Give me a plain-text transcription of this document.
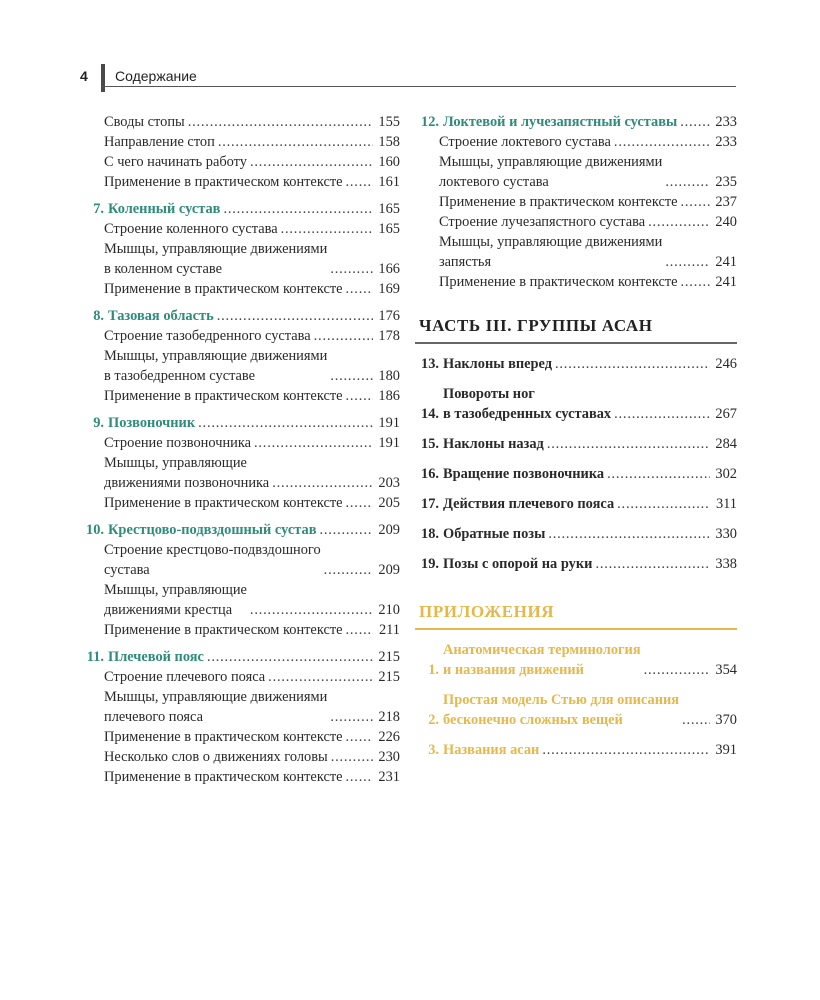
4 Содержание
Своды стопы . . .	155
Направление стоп . . .	158
С чего начинать работу . . .	160
Применение в практическом контексте . . . 161
7. Коленный сустав . . .	165
Строение коленного сустава . . .	165
Мышцы, управляющие движениями
в коленном суставе . . .	166
Применение в практическом контексте . . . 169
8. Тазовая область . . .	176
Строение тазобедренного сустава . . .	178
Мышцы, управляющие движениями
в тазобедренном суставе . . .	180
Применение в практическом контексте . . . 186
9. Позвоночник . . .	191
Строение позвоночника . . .	191
Мышцы, управляющие
движениями позвоночника . . .	203
Применение в практическом контексте . . . 205
10. Крестцово-подвздошный сустав . . .	209
Строение крестцово-подвздошного
сустава . . .	209
Мышцы, управляющие
движениями крестца . . .	210
Применение в практическом контексте . . .	211
11. Плечевой пояс . . .	215
Строение плечевого пояса . . .	215
Мышцы, управляющие движениями
плечевого пояса . . .	218
Применение в практическом контексте . . . 226
Несколько слов о движениях головы . . .	230
Применение в практическом контексте . . . 231
12. Локтевой и лучезапястный суставы . . .	233
Строение локтевого сустава . . .	233
Мышцы, управляющие движениями
локтевого сустава . . .	235
Применение в практическом контексте . . .	237
Строение лучезапястного сустава . . .	240
Мышцы, управляющие движениями
запястья . . .	241
Применение в практическом контексте . . .	241
ЧАСТЬ III. ГРУППЫ АСАН
13. Наклоны вперед . . .	246
14.
Повороты ног
в тазобедренных суставах . . .	267
15. Наклоны назад . . .	284
16. Вращение позвоночника . . .	302
17. Действия плечевого пояса . . .	311
18. Обратные позы . . .	330
19. Позы с опорой на руки . . .	338
ПРИЛОЖЕНИЯ
1.
Анатомическая терминология
и названия движений . . .	354
2.
Простая модель Стью для описания
бесконечно сложных вещей . . .	370
3. Названия асан . . .	391
